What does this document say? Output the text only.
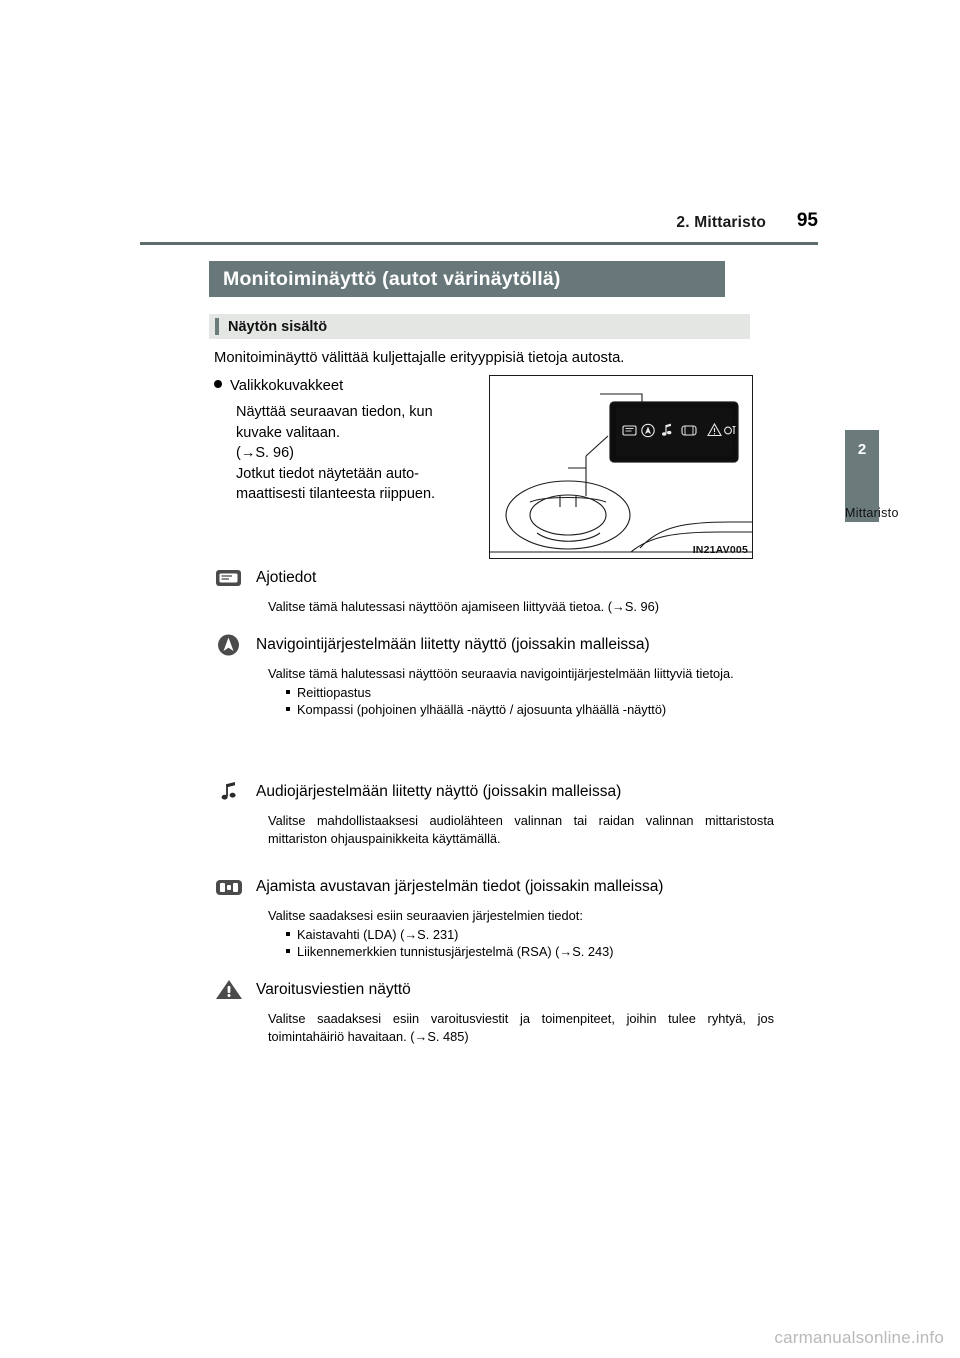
2. Mittaristo 95
2
Mittaristo
Monitoiminäyttö (autot värinäytöllä)
Näytön sisältö
Monitoiminäyttö välittää kuljettajalle erityyppisiä tietoja autosta.
Valikkokuvakkeet
Näyttää seuraavan tiedon, kun
kuvake valitaan.
(→S. 96)
Jotkut tiedot näytetään auto-
maattisesti tilanteesta riippuen.
IN21AV005
Ajotiedot
Valitse tämä halutessasi näyttöön ajamiseen liittyvää tietoa. (→S. 96)
Navigointijärjestelmään liitetty näyttö (joissakin malleissa)
Valitse tämä halutessasi näyttöön seuraavia navigointijärjestelmään liittyviä tietoja.
Reittiopastus
Kompassi (pohjoinen ylhäällä -näyttö / ajosuunta ylhäällä -näyttö)
Audiojärjestelmään liitetty näyttö (joissakin malleissa)
Valitse mahdollistaaksesi audiolähteen valinnan tai raidan valinnan mittaristosta mittariston ohjauspainikkeita käyttämällä.
Ajamista avustavan järjestelmän tiedot (joissakin malleissa)
Valitse saadaksesi esiin seuraavien järjestelmien tiedot:
Kaistavahti (LDA) (→S. 231)
Liikennemerkkien tunnistusjärjestelmä (RSA) (→S. 243)
Varoitusviestien näyttö
Valitse saadaksesi esiin varoitusviestit ja toimenpiteet, joihin tulee ryhtyä, jos toimintahäiriö havaitaan. (→S. 485)
carmanualsonline.info
